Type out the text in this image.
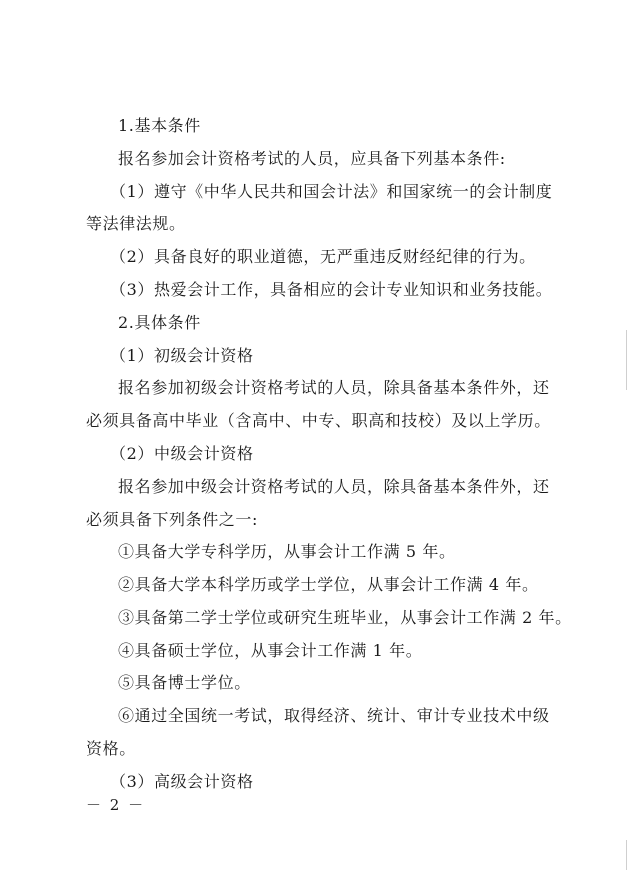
1.基本条件
报名参加会计资格考试的人员，应具备下列基本条件:
（1）遵守《中华人民共和国会计法》和国家统一的会计制度
等法律法规。
（2）具备良好的职业道德，无严重违反财经纪律的行为。
（3）热爱会计工作，具备相应的会计专业知识和业务技能。
2.具体条件
（1）初级会计资格
报名参加初级会计资格考试的人员，除具备基本条件外，还
必须具备高中毕业（含高中、中专、职高和技校）及以上学历。
（2）中级会计资格
报名参加中级会计资格考试的人员，除具备基本条件外，还
必须具备下列条件之一:
①具备大学专科学历，从事会计工作满 5 年。
②具备大学本科学历或学士学位，从事会计工作满 4 年。
③具备第二学士学位或研究生班毕业，从事会计工作满 2 年。
④具备硕士学位，从事会计工作满 1 年。
⑤具备博士学位。
⑥通过全国统一考试，取得经济、统计、审计专业技术中级
资格。
（3）高级会计资格
－ 2 －
